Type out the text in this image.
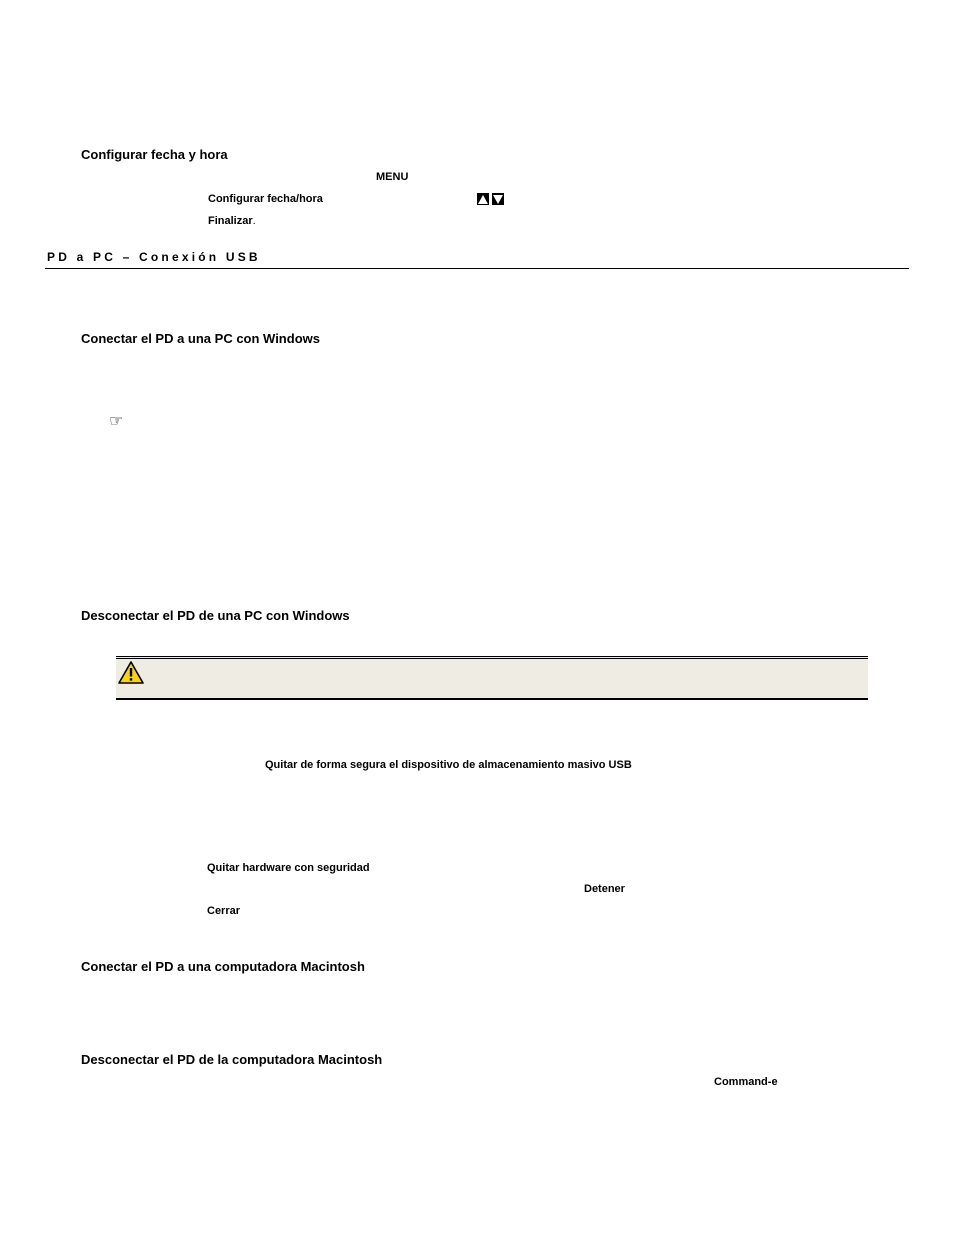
Configurar fecha y hora
MENU
Configurar fecha/hora
Finalizar.
PD a PC – Conexión USB
Conectar el PD a una PC con Windows
☞
Desconectar el PD de una PC con Windows
Quitar de forma segura el dispositivo de almacenamiento masivo USB
Quitar hardware con seguridad
Detener
Cerrar
Conectar el PD a una computadora Macintosh
Desconectar el PD de la computadora Macintosh
Command-e
